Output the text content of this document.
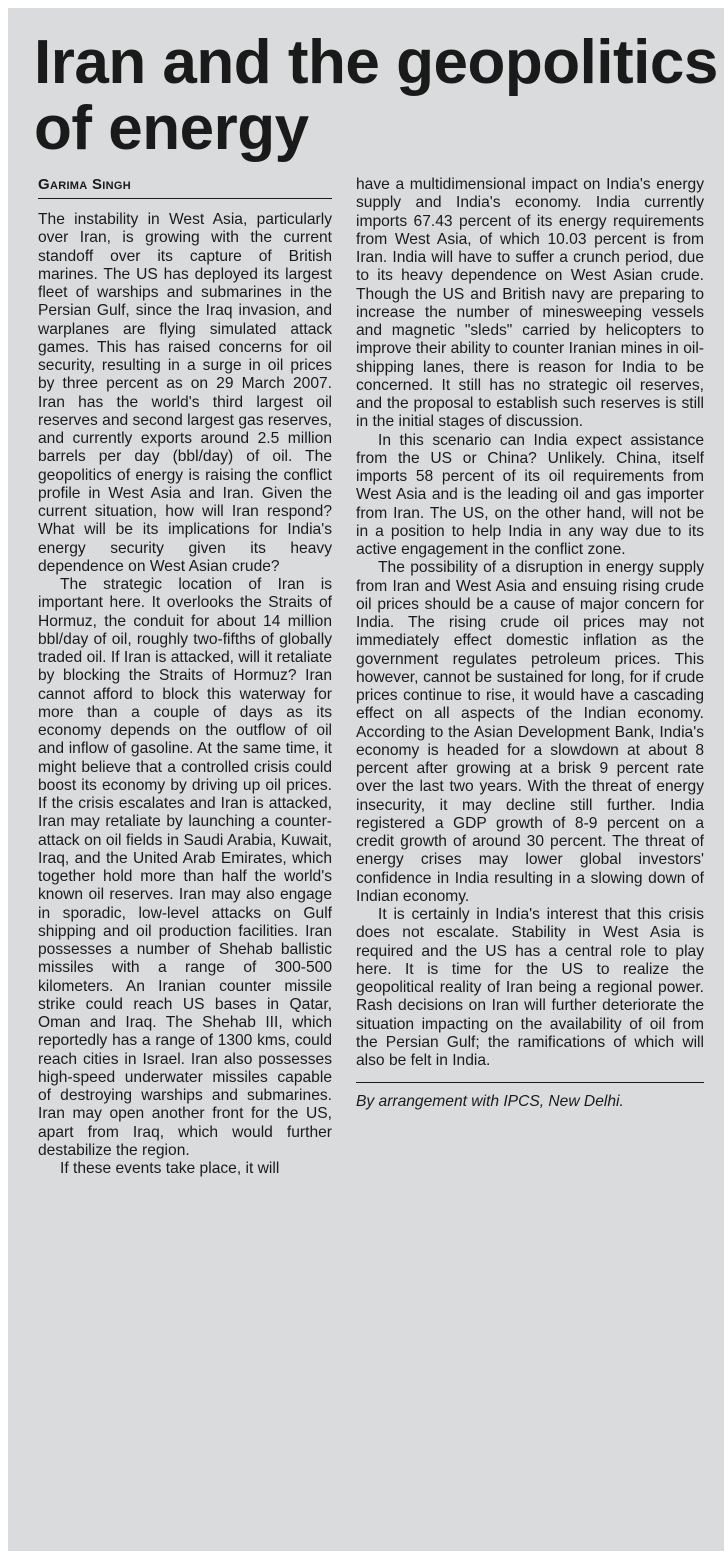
Iran and the geopolitics of energy
Garima Singh

The instability in West Asia, particularly over Iran, is growing with the current standoff over its capture of British marines. The US has deployed its largest fleet of warships and submarines in the Persian Gulf, since the Iraq invasion, and warplanes are flying simulated attack games. This has raised concerns for oil security, resulting in a surge in oil prices by three percent as on 29 March 2007. Iran has the world's third largest oil reserves and second largest gas reserves, and currently exports around 2.5 million barrels per day (bbl/day) of oil. The geopolitics of energy is raising the conflict profile in West Asia and Iran. Given the current situation, how will Iran respond? What will be its implications for India's energy security given its heavy dependence on West Asian crude?

The strategic location of Iran is important here. It overlooks the Straits of Hormuz, the conduit for about 14 million bbl/day of oil, roughly two-fifths of globally traded oil. If Iran is attacked, will it retaliate by blocking the Straits of Hormuz? Iran cannot afford to block this waterway for more than a couple of days as its economy depends on the outflow of oil and inflow of gasoline. At the same time, it might believe that a controlled crisis could boost its economy by driving up oil prices. If the crisis escalates and Iran is attacked, Iran may retaliate by launching a counter-attack on oil fields in Saudi Arabia, Kuwait, Iraq, and the United Arab Emirates, which together hold more than half the world's known oil reserves. Iran may also engage in sporadic, low-level attacks on Gulf shipping and oil production facilities. Iran possesses a number of Shehab ballistic missiles with a range of 300-500 kilometers. An Iranian counter missile strike could reach US bases in Qatar, Oman and Iraq. The Shehab III, which reportedly has a range of 1300 kms, could reach cities in Israel. Iran also possesses high-speed underwater missiles capable of destroying warships and submarines. Iran may open another front for the US, apart from Iraq, which would further destabilize the region.

If these events take place, it will

have a multidimensional impact on India's energy supply and India's economy. India currently imports 67.43 percent of its energy requirements from West Asia, of which 10.03 percent is from Iran. India will have to suffer a crunch period, due to its heavy dependence on West Asian crude. Though the US and British navy are preparing to increase the number of minesweeping vessels and magnetic "sleds" carried by helicopters to improve their ability to counter Iranian mines in oil-shipping lanes, there is reason for India to be concerned. It still has no strategic oil reserves, and the proposal to establish such reserves is still in the initial stages of discussion.

In this scenario can India expect assistance from the US or China? Unlikely. China, itself imports 58 percent of its oil requirements from West Asia and is the leading oil and gas importer from Iran. The US, on the other hand, will not be in a position to help India in any way due to its active engagement in the conflict zone.

The possibility of a disruption in energy supply from Iran and West Asia and ensuing rising crude oil prices should be a cause of major concern for India. The rising crude oil prices may not immediately effect domestic inflation as the government regulates petroleum prices. This however, cannot be sustained for long, for if crude prices continue to rise, it would have a cascading effect on all aspects of the Indian economy. According to the Asian Development Bank, India's economy is headed for a slowdown at about 8 percent after growing at a brisk 9 percent rate over the last two years. With the threat of energy insecurity, it may decline still further. India registered a GDP growth of 8-9 percent on a credit growth of around 30 percent. The threat of energy crises may lower global investors' confidence in India resulting in a slowing down of Indian economy.

It is certainly in India's interest that this crisis does not escalate. Stability in West Asia is required and the US has a central role to play here. It is time for the US to realize the geopolitical reality of Iran being a regional power. Rash decisions on Iran will further deteriorate the situation impacting on the availability of oil from the Persian Gulf; the ramifications of which will also be felt in India.

By arrangement with IPCS, New Delhi.
